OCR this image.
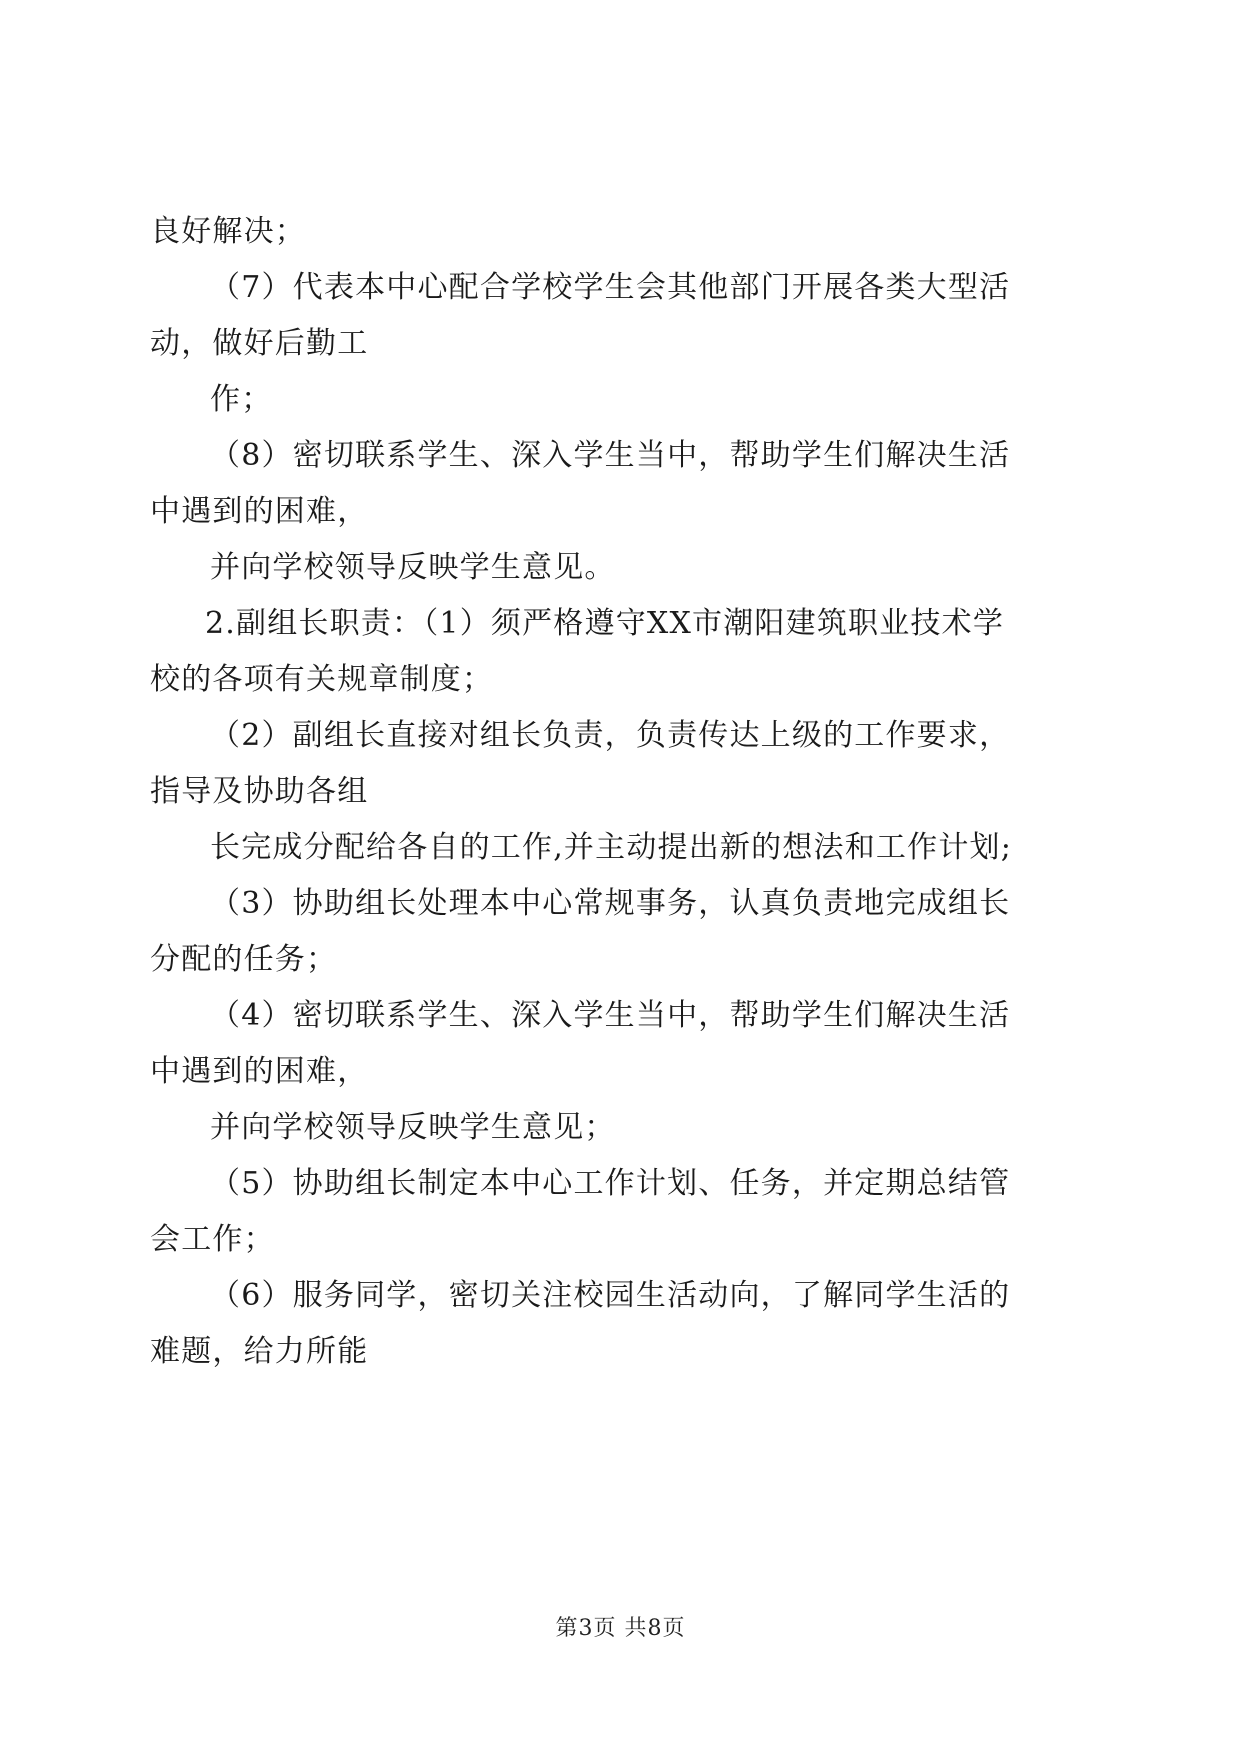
良好解决；
（7）代表本中心配合学校学生会其他部门开展各类大型活
动，做好后勤工
作；
（8）密切联系学生、深入学生当中，帮助学生们解决生活
中遇到的困难，
并向学校领导反映学生意见。
2.副组长职责：（1）须严格遵守XX市潮阳建筑职业技术学
校的各项有关规章制度；
（2）副组长直接对组长负责，负责传达上级的工作要求，
指导及协助各组
长完成分配给各自的工作,并主动提出新的想法和工作计划;
（3）协助组长处理本中心常规事务，认真负责地完成组长
分配的任务；
（4）密切联系学生、深入学生当中，帮助学生们解决生活
中遇到的困难，
并向学校领导反映学生意见；
（5）协助组长制定本中心工作计划、任务，并定期总结管
会工作；
（6）服务同学，密切关注校园生活动向，了解同学生活的
难题，给力所能
第3页 共8页
